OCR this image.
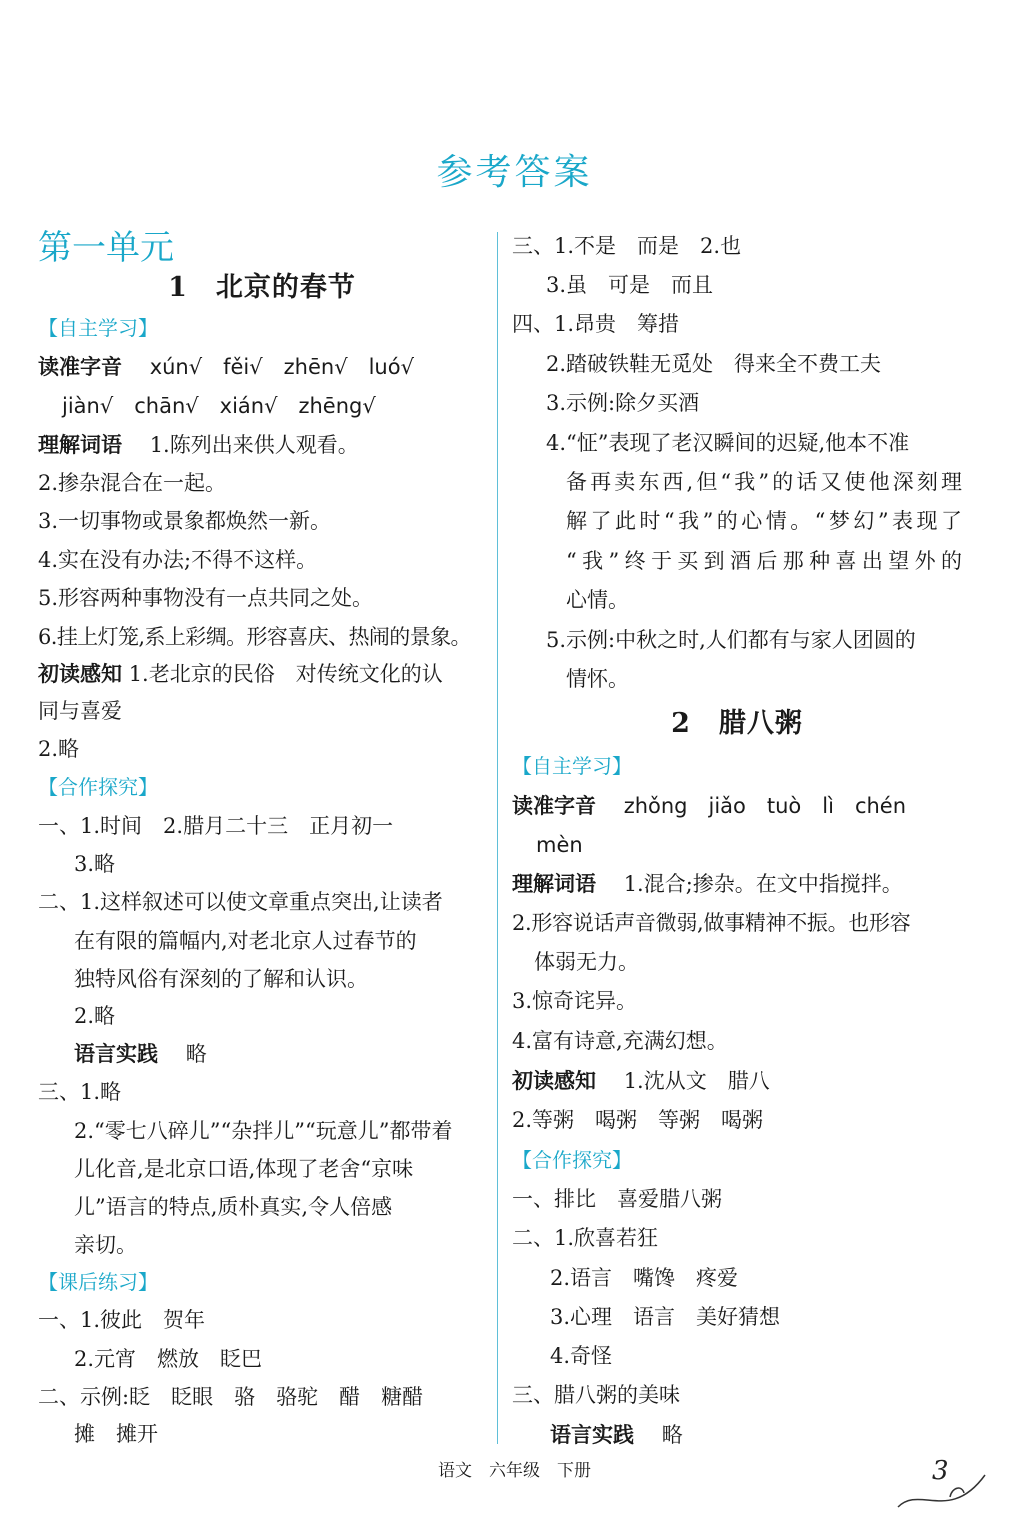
参考答案
第一单元
1　北京的春节
【自主学习】
读准字音　 xún√　fěi√　zhēn√　luó√
jiàn√　chān√　xián√　zhēng√
理解词语　 1.陈列出来供人观看。
2.掺杂混合在一起。
3.一切事物或景象都焕然一新。
4.实在没有办法;不得不这样。
5.形容两种事物没有一点共同之处。
6.挂上灯笼,系上彩绸。形容喜庆、热闹的景象。
初读感知 1.老北京的民俗　对传统文化的认
同与喜爱
2.略
【合作探究】
一、1.时间　2.腊月二十三　正月初一
3.略
二、1.这样叙述可以使文章重点突出,让读者
在有限的篇幅内,对老北京人过春节的
独特风俗有深刻的了解和认识。
2.略
语言实践　 略
三、1.略
2.“零七八碎儿”“杂拌儿”“玩意儿”都带着
儿化音,是北京口语,体现了老舍“京味
儿”语言的特点,质朴真实,令人倍感
亲切。
【课后练习】
一、1.彼此　贺年
2.元宵　燃放　眨巴
二、示例:眨　眨眼　骆　骆驼　醋　糖醋
摊　摊开
三、1.不是　而是　2.也
3.虽　可是　而且
四、1.昂贵　筹措
2.踏破铁鞋无觅处　得来全不费工夫
3.示例:除夕买酒
4.“怔”表现了老汉瞬间的迟疑,他本不准
备再卖东西,但“我”的话又使他深刻理
解了此时“我”的心情。“梦幻”表现了
“我”终于买到酒后那种喜出望外的
心情。
5.示例:中秋之时,人们都有与家人团圆的
情怀。
2　腊八粥
【自主学习】
读准字音　 zhǒng　jiǎo　tuò　lì　chén
mèn
理解词语　 1.混合;掺杂。在文中指搅拌。
2.形容说话声音微弱,做事精神不振。也形容
体弱无力。
3.惊奇诧异。
4.富有诗意,充满幻想。
初读感知　 1.沈从文　腊八
2.等粥　喝粥　等粥　喝粥
【合作探究】
一、排比　喜爱腊八粥
二、1.欣喜若狂
2.语言　嘴馋　疼爱
3.心理　语言　美好猜想
4.奇怪
三、腊八粥的美味
语言实践　 略
语文　六年级　下册	3
